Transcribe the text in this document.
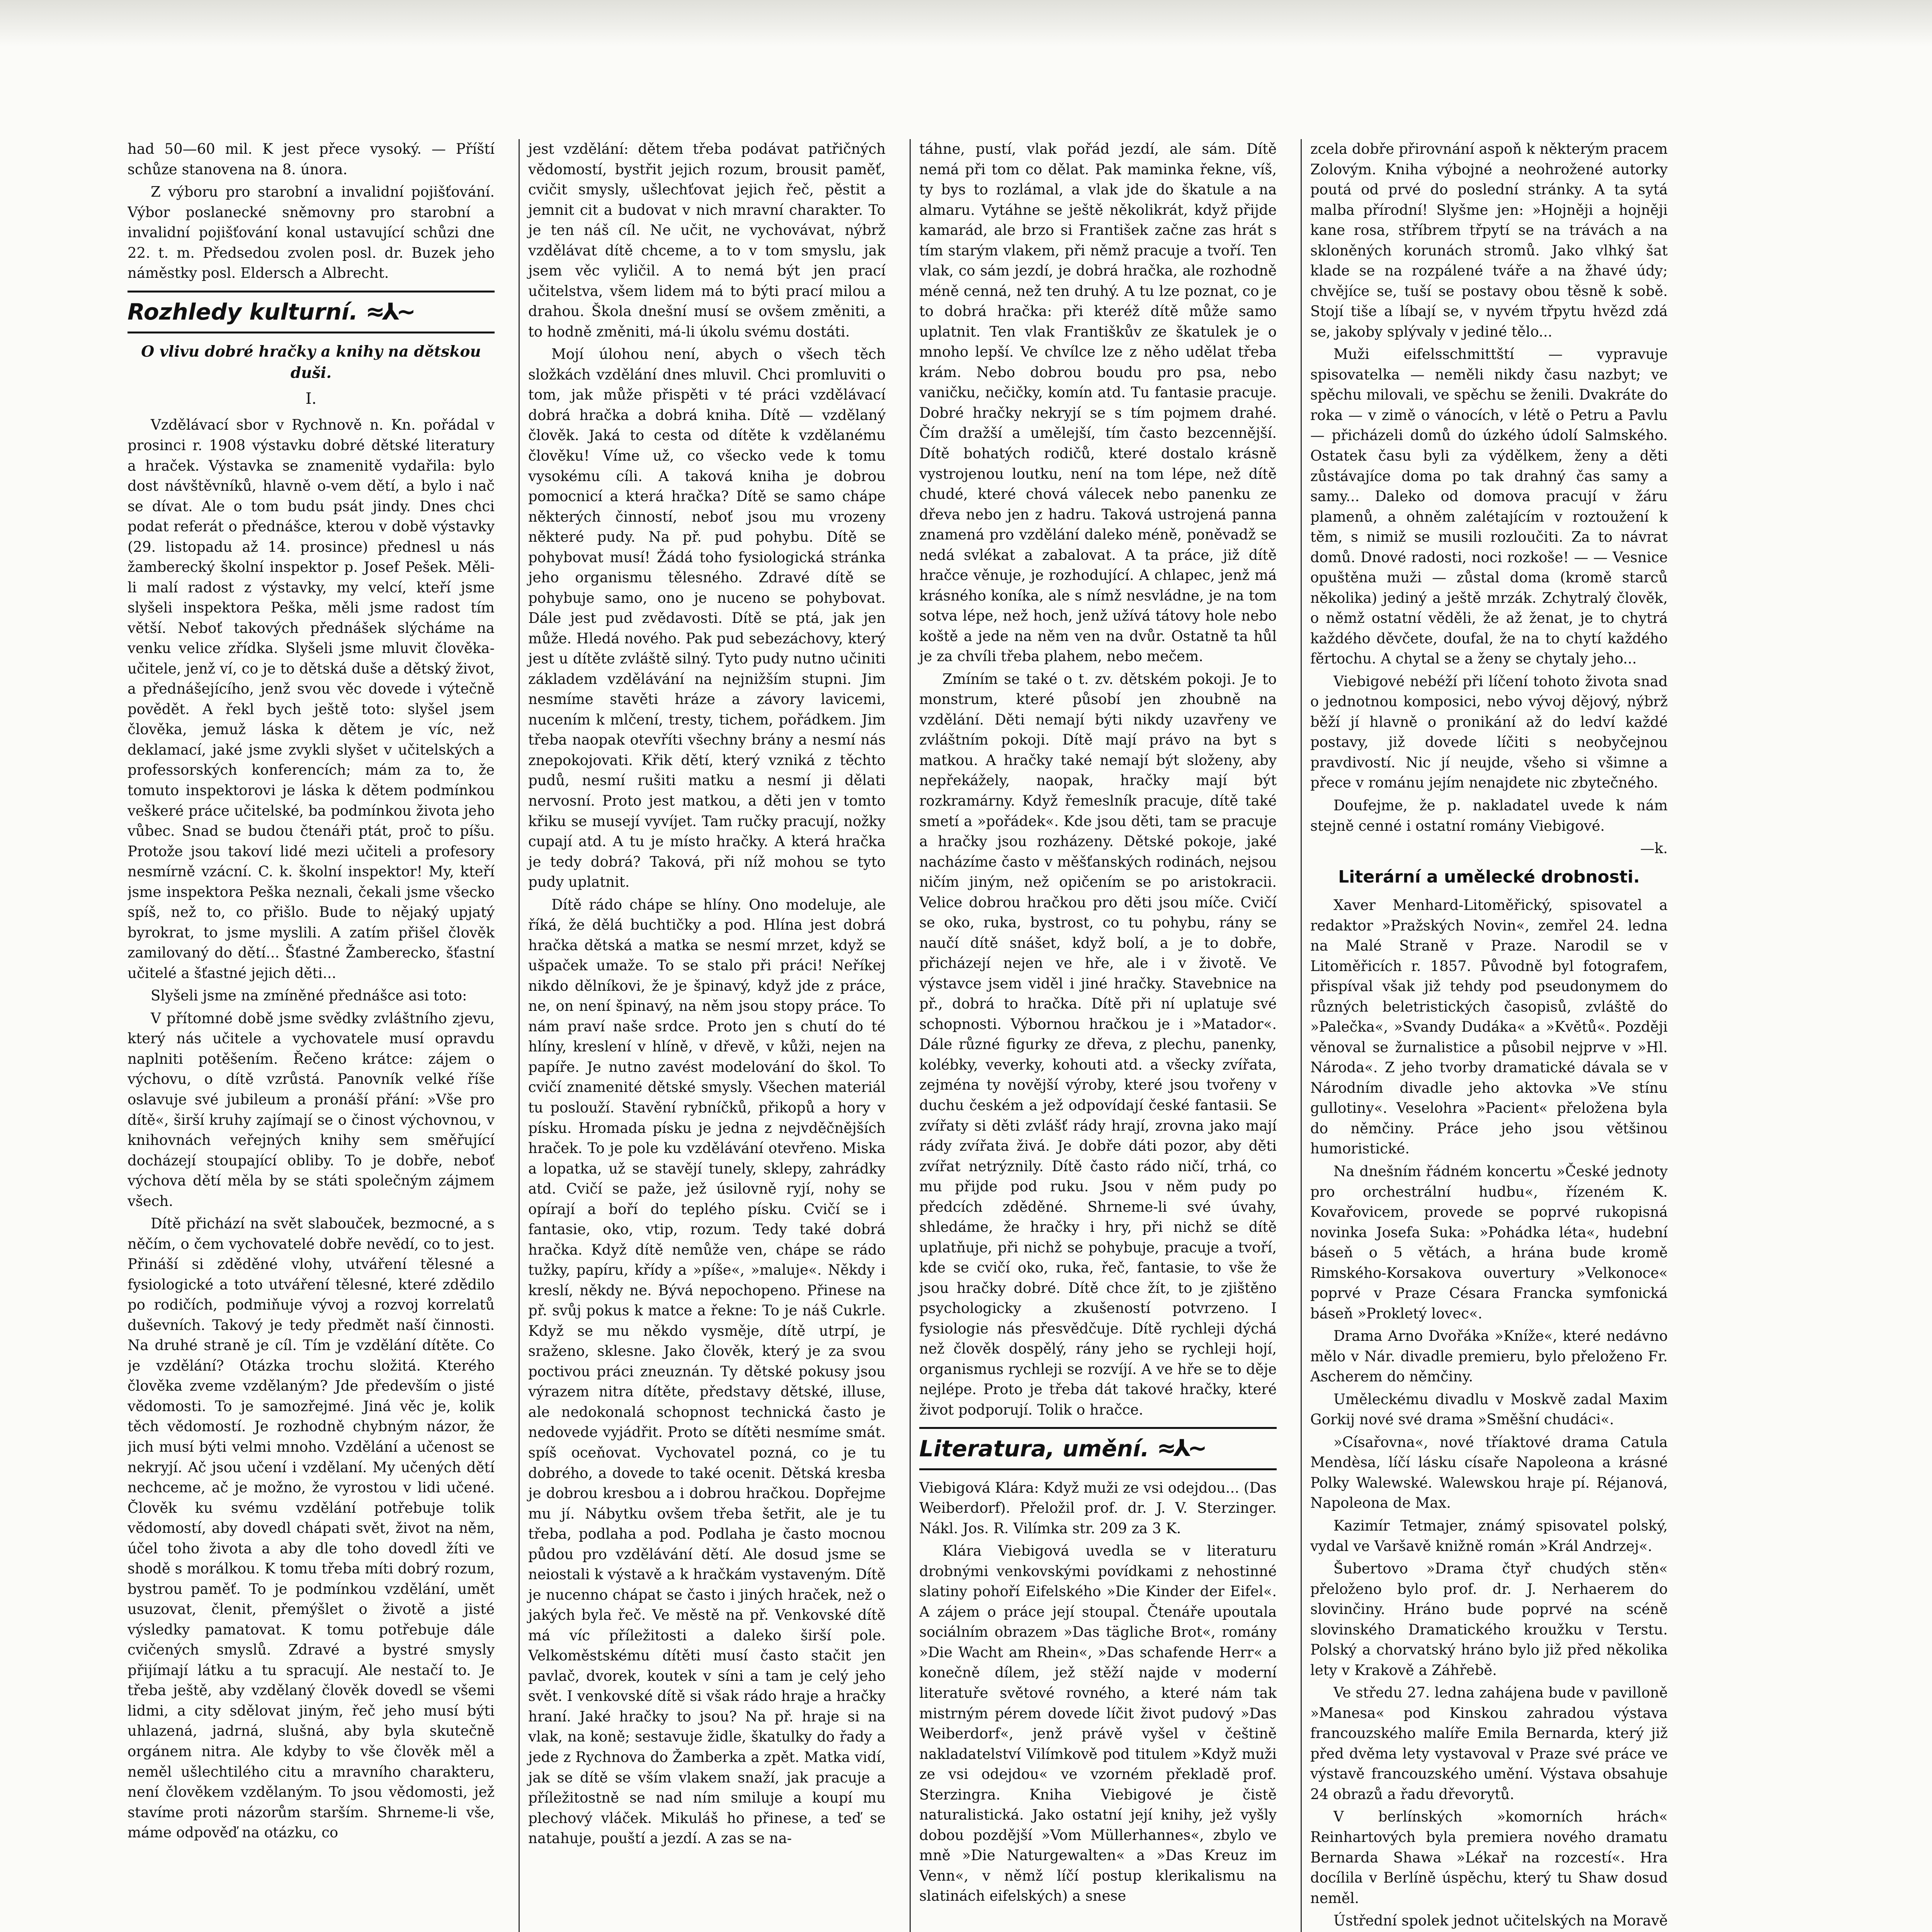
had 50—60 mil. K jest přece vysoký. — Příští schůze stanovena na 8. února.

Z výboru pro starobní a invalidní pojišťování. Výbor poslanecké sněmovny pro starobní a invalidní pojišťování konal ustavující schůzi dne 22. t. m. Předsedou zvolen posl. dr. Buzek jeho náměstky posl. Eldersch a Albrecht.

Rozhledy kulturní. ≈⅄~
O vlivu dobré hračky a knihy na dětskou duši.
I.

Vzdělávací sbor v Rychnově n. Kn. pořádal v prosinci r. 1908 výstavku dobré dětské literatury a hraček. Výstavka se znamenitě vydařila: bylo dost návštěvníků, hlavně o-vem dětí, a bylo i nač se dívat. Ale o tom budu psát jindy. Dnes chci podat referát o přednášce, kterou v době výstavky (29. listopadu až 14. prosince) přednesl u nás žamberecký školní inspektor p. Josef Pešek. Měli-li malí radost z výstavky, my velcí, kteří jsme slyšeli inspektora Peška, měli jsme radost tím větší. Neboť takových přednášek slýcháme na venku velice zřídka. Slyšeli jsme mluvit člověka-učitele, jenž ví, co je to dětská duše a dětský život, a přednášejícího, jenž svou věc dovede i výtečně povědět. A řekl bych ještě toto: slyšel jsem člověka, jemuž láska k dětem je víc, než deklamací, jaké jsme zvykli slyšet v učitelských a professorských konferencích; mám za to, že tomuto inspektorovi je láska k dětem podmínkou veškeré práce učitelské, ba podmínkou života jeho vůbec. Snad se budou čtenáři ptát, proč to píšu. Protože jsou takoví lidé mezi učiteli a profesory nesmírně vzácní. C. k. školní inspektor! My, kteří jsme inspektora Peška neznali, čekali jsme všecko spíš, než to, co přišlo. Bude to nějaký upjatý byrokrat, to jsme myslili. A zatím přišel člověk zamilovaný do dětí... Šťastné Žamberecko, šťastní učitelé a šťastné jejich děti...

Slyšeli jsme na zmíněné přednášce asi toto:

V přítomné době jsme svědky zvláštního zjevu, který nás učitele a vychovatele musí opravdu naplniti potěšením. Řečeno krátce: zájem o výchovu, o dítě vzrůstá. Panovník velké říše oslavuje své jubileum a pronáší přání: »Vše pro dítě«, širší kruhy zajímají se o činost výchovnou, v knihovnách veřejných knihy sem směřující docházejí stoupající obliby. To je dobře, neboť výchova dětí měla by se státi společným zájmem všech.

Dítě přichází na svět slabouček, bezmocné, a s něčím, o čem vychovatelé dobře nevědí, co to jest. Přináší si zděděné vlohy, utváření tělesné a fysiologické a toto utváření tělesné, které zdědilo po rodičích, podmiňuje vývoj a rozvoj korrelatů duševních. Takový je tedy předmět naší činnosti. Na druhé straně je cíl. Tím je vzdělání dítěte. Co je vzdělání? Otázka trochu složitá. Kterého člověka zveme vzdělaným? Jde především o jisté vědomosti. To je samozřejmé. Jiná věc je, kolik těch vědomostí. Je rozhodně chybným názor, že jich musí býti velmi mnoho. Vzdělání a učenost se nekryjí. Ač jsou učení i vzdělaní. My učených dětí nechceme, ač je možno, že vyrostou v lidi učené. Člověk ku svému vzdělání potřebuje tolik vědomostí, aby dovedl chápati svět, život na něm, účel toho života a aby dle toho dovedl žíti ve shodě s morálkou. K tomu třeba míti dobrý rozum, bystrou paměť. To je podmínkou vzdělání, umět usuzovat, členit, přemýšlet o životě a jisté výsledky pamatovat. K tomu potřebuje dále cvičených smyslů. Zdravé a bystré smysly přijímají látku a tu spracují. Ale nestačí to. Je třeba ještě, aby vzdělaný člověk dovedl se všemi lidmi, a city sdělovat jiným, řeč jeho musí býti uhlazená, jadrná, slušná, aby byla skutečně orgánem nitra. Ale kdyby to vše člověk měl a neměl ušlechtilého citu a mravního charakteru, není člověkem vzdělaným. To jsou vědomosti, jež stavíme proti názorům starším. Shrneme-li vše, máme odpověď na otázku, co

jest vzdělání: dětem třeba podávat patřičných vědomostí, bystřit jejich rozum, brousit paměť, cvičit smysly, ušlechťovat jejich řeč, pěstit a jemnit cit a budovat v nich mravní charakter. To je ten náš cíl. Ne učit, ne vychovávat, nýbrž vzdělávat dítě chceme, a to v tom smyslu, jak jsem věc vyličil. A to nemá být jen prací učitelstva, všem lidem má to býti prací milou a drahou. Škola dnešní musí se ovšem změniti, a to hodně změniti, má-li úkolu svému dostáti.

Mojí úlohou není, abych o všech těch složkách vzdělání dnes mluvil. Chci promluviti o tom, jak může přispěti v té práci vzdělávací dobrá hračka a dobrá kniha. Dítě — vzdělaný člověk. Jaká to cesta od dítěte k vzdělanému člověku! Víme už, co všecko vede k tomu vysokému cíli. A taková kniha je dobrou pomocnicí a která hračka? Dítě se samo chápe některých činností, neboť jsou mu vrozeny některé pudy. Na př. pud pohybu. Dítě se pohybovat musí! Žádá toho fysiologická stránka jeho organismu tělesného. Zdravé dítě se pohybuje samo, ono je nuceno se pohybovat. Dále jest pud zvědavosti. Dítě se ptá, jak jen může. Hledá nového. Pak pud sebezáchovy, který jest u dítěte zvláště silný. Tyto pudy nutno učiniti základem vzdělávání na nejnižším stupni. Jim nesmíme stavěti hráze a závory lavicemi, nucením k mlčení, tresty, tichem, pořádkem. Jim třeba naopak otevříti všechny brány a nesmí nás znepokojovati. Křik dětí, který vzniká z těchto pudů, nesmí rušiti matku a nesmí ji dělati nervosní. Proto jest matkou, a děti jen v tomto křiku se musejí vyvíjet. Tam ručky pracují, nožky cupají atd. A tu je místo hračky. A která hračka je tedy dobrá? Taková, při níž mohou se tyto pudy uplatnit.

Dítě rádo chápe se hlíny. Ono modeluje, ale říká, že dělá buchtičky a pod. Hlína jest dobrá hračka dětská a matka se nesmí mrzet, když se ušpaček umaže. To se stalo při práci! Neříkej nikdo dělníkovi, že je špinavý, když jde z práce, ne, on není špinavý, na něm jsou stopy práce. To nám praví naše srdce. Proto jen s chutí do té hlíny, kreslení v hlíně, v dřevě, v kůži, nejen na papíře. Je nutno zavést modelování do škol. To cvičí znamenité dětské smysly. Všechen materiál tu poslouží. Stavění rybníčků, přikopů a hory v písku. Hromada písku je jedna z nejvděčnějších hraček. To je pole ku vzdělávání otevřeno. Miska a lopatka, už se stavějí tunely, sklepy, zahrádky atd. Cvičí se paže, jež úsilovně ryjí, nohy se opírají a boří do teplého písku. Cvičí se i fantasie, oko, vtip, rozum. Tedy také dobrá hračka. Když dítě nemůže ven, chápe se rádo tužky, papíru, křídy a »píše«, »maluje«. Někdy i kreslí, někdy ne. Bývá nepochopeno. Přinese na př. svůj pokus k matce a řekne: To je náš Cukrle. Když se mu někdo vysměje, dítě utrpí, je sraženo, sklesne. Jako člověk, který je za svou poctivou práci zneuznán. Ty dětské pokusy jsou výrazem nitra dítěte, představy dětské, illuse, ale nedokonalá schopnost technická často je nedovede vyjádřit. Proto se dítěti nesmíme smát. spíš oceňovat. Vychovatel pozná, co je tu dobrého, a dovede to také ocenit. Dětská kresba je dobrou kresbou a i dobrou hračkou. Dopřejme mu jí. Nábytku ovšem třeba šetřit, ale je tu třeba, podlaha a pod. Podlaha je často mocnou půdou pro vzdělávání dětí. Ale dosud jsme se neiostali k výstavě a k hračkám vystaveným. Dítě je nucenno chápat se často i jiných hraček, než o jakých byla řeč. Ve městě na př. Venkovské dítě má víc příležitosti a daleko širší pole. Velkoměstskému dítěti musí často stačit jen pavlač, dvorek, koutek v síni a tam je celý jeho svět. I venkovské dítě si však rádo hraje a hračky hraní. Jaké hračky to jsou? Na př. hraje si na vlak, na koně; sestavuje židle, škatulky do řady a jede z Rychnova do Žamberka a zpět. Matka vidí, jak se dítě se vším vlakem snaží, jak pracuje a příležitostně se nad ním smiluje a koupí mu plechový vláček. Mikuláš ho přinese, a teď se natahuje, pouští a jezdí. A zas se na-

táhne, pustí, vlak pořád jezdí, ale sám. Dítě nemá při tom co dělat. Pak maminka řekne, víš, ty bys to rozlámal, a vlak jde do škatule a na almaru. Vytáhne se ještě několikrát, když přijde kamarád, ale brzo si František začne zas hrát s tím starým vlakem, při němž pracuje a tvoří. Ten vlak, co sám jezdí, je dobrá hračka, ale rozhodně méně cenná, než ten druhý. A tu lze poznat, co je to dobrá hračka: při kteréž dítě může samo uplatnit. Ten vlak Františkův ze škatulek je o mnoho lepší. Ve chvílce lze z něho udělat třeba krám. Nebo dobrou boudu pro psa, nebo vaničku, nečičky, komín atd. Tu fantasie pracuje. Dobré hračky nekryjí se s tím pojmem drahé. Čím dražší a umělejší, tím často bezcennější. Dítě bohatých rodičů, které dostalo krásně vystrojenou loutku, není na tom lépe, než dítě chudé, které chová válecek nebo panenku ze dřeva nebo jen z hadru. Taková ustrojená panna znamená pro vzdělání daleko méně, poněvadž se nedá svlékat a zabalovat. A ta práce, již dítě hračce věnuje, je rozhodující. A chlapec, jenž má krásného koníka, ale s nímž nesvládne, je na tom sotva lépe, než hoch, jenž užívá tátovy hole nebo koště a jede na něm ven na dvůr. Ostatně ta hůl je za chvíli třeba plahem, nebo mečem.

Zmíním se také o t. zv. dětském pokoji. Je to monstrum, které působí jen zhoubně na vzdělání. Děti nemají býti nikdy uzavřeny ve zvláštním pokoji. Dítě mají právo na byt s matkou. A hračky také nemají být složeny, aby nepřekážely, naopak, hračky mají být rozkramárny. Když řemeslník pracuje, dítě také smetí a »pořádek«. Kde jsou děti, tam se pracuje a hračky jsou rozházeny. Dětské pokoje, jaké nacházíme často v měšťanských rodinách, nejsou ničím jiným, než opičením se po aristokracii. Velice dobrou hračkou pro děti jsou míče. Cvičí se oko, ruka, bystrost, co tu pohybu, rány se naučí dítě snášet, když bolí, a je to dobře, přicházejí nejen ve hře, ale i v životě. Ve výstavce jsem viděl i jiné hračky. Stavebnice na př., dobrá to hračka. Dítě při ní uplatuje své schopnosti. Výbornou hračkou je i »Matador«. Dále různé figurky ze dřeva, z plechu, panenky, kolébky, veverky, kohouti atd. a všecky zvířata, zejména ty novější výroby, které jsou tvořeny v duchu českém a jež odpovídají české fantasii. Se zvířaty si děti zvlášť rády hrají, zrovna jako mají rády zvířata živá. Je dobře dáti pozor, aby děti zvířat netrýznily. Dítě často rádo ničí, trhá, co mu přijde pod ruku. Jsou v něm pudy po předcích zděděné. Shrneme-li své úvahy, shledáme, že hračky i hry, při nichž se dítě uplatňuje, při nichž se pohybuje, pracuje a tvoří, kde se cvičí oko, ruka, řeč, fantasie, to vše že jsou hračky dobré. Dítě chce žít, to je zjištěno psychologicky a zkušeností potvrzeno. I fysiologie nás přesvědčuje. Dítě rychleji dýchá než člověk dospělý, rány jeho se rychleji hojí, organismus rychleji se rozvíjí. A ve hře se to děje nejlépe. Proto je třeba dát takové hračky, které život podporují. Tolik o hračce.

Literatura, umění. ≈⅄~

Viebigová Klára: Když muži ze vsi odejdou... (Das Weiberdorf). Přeložil prof. dr. J. V. Sterzinger. Nákl. Jos. R. Vilímka str. 209 za 3 K.

Klára Viebigová uvedla se v literaturu drobnými venkovskými povídkami z nehostinné slatiny pohoří Eifelského »Die Kinder der Eifel«. A zájem o práce její stoupal. Čtenáře upoutala sociálním obrazem »Das tägliche Brot«, romány »Die Wacht am Rhein«, »Das schafende Herr« a konečně dílem, jež stěží najde v moderní literatuře světové rovného, a které nám tak mistrným pérem dovede líčit život pudový »Das Weiberdorf«, jenž právě vyšel v češtině nakladatelství Vilímkově pod titulem »Když muži ze vsi odejdou« ve vzorném překladě prof. Sterzingra. Kniha Viebigové je čistě naturalistická. Jako ostatní její knihy, jež vyšly dobou pozdější »Vom Müllerhannes«, zbylo ve mně »Die Naturgewalten« a »Das Kreuz im Venn«, v němž líčí postup klerikalismu na slatinách eifelských) a snese

zcela dobře přirovnání aspoň k některým pracem Zolovým. Kniha výbojné a neohrožené autorky poutá od prvé do poslední stránky. A ta sytá malba přírodní! Slyšme jen: »Hojněji a hojněji kane rosa, stříbrem třpytí se na trávách a na skloněných korunách stromů. Jako vlhký šat klade se na rozpálené tváře a na žhavé údy; chvějíce se, tuší se postavy obou těsně k sobě. Stojí tiše a líbají se, v nyvém třpytu hvězd zdá se, jakoby splývaly v jediné tělo...

Muži eifelsschmittští — vypravuje spisovatelka — neměli nikdy času nazbyt; ve spěchu milovali, ve spěchu se ženili. Dvakráte do roka — v zimě o vánocích, v létě o Petru a Pavlu — přicházeli domů do úzkého údolí Salmského. Ostatek času byli za výdělkem, ženy a děti zůstávajíce doma po tak drahný čas samy a samy... Daleko od domova pracují v žáru plamenů, a ohněm zalétajícím v roztoužení k těm, s nimiž se musili rozloučiti. Za to návrat domů. Dnové radosti, noci rozkoše! — — Vesnice opuštěna muži — zůstal doma (kromě starců několika) jediný a ještě mrzák. Zchytralý člověk, o němž ostatní věděli, že až ženat, je to chytrá každého děvčete, doufal, že na to chytí každého fěrtochu. A chytal se a ženy se chytaly jeho...

Viebigové nebéží při líčení tohoto života snad o jednotnou komposici, nebo vývoj dějový, nýbrž běží jí hlavně o pronikání až do ledví každé postavy, již dovede líčiti s neobyčejnou pravdivostí. Nic jí neujde, všeho si všimne a přece v románu jejím nenajdete nic zbytečného.

Doufejme, že p. nakladatel uvede k nám stejně cenné i ostatní romány Viebigové.

—k.

Literární a umělecké drobnosti.

Xaver Menhard-Litoměřický, spisovatel a redaktor »Pražských Novin«, zemřel 24. ledna na Malé Straně v Praze. Narodil se v Litoměřicích r. 1857. Původně byl fotografem, přispíval však již tehdy pod pseudonymem do různých beletristických časopisů, zvláště do »Palečka«, »Svandy Dudáka« a »Květů«. Později věnoval se žurnalistice a působil nejprve v »Hl. Národa«. Z jeho tvorby dramatické dávala se v Národním divadle jeho aktovka »Ve stínu gullotiny«. Veselohra »Pacient« přeložena byla do němčiny. Práce jeho jsou většinou humoristické.

Na dnešním řádném koncertu »České jednoty pro orchestrální hudbu«, řízeném K. Kovařovicem, provede se poprvé rukopisná novinka Josefa Suka: »Pohádka léta«, hudební báseň o 5 větách, a hrána bude kromě Rimského-Korsakova ouvertury »Velkonoce« poprvé v Praze Césara Francka symfonická báseň »Prokletý lovec«.

Drama Arno Dvořáka »Kníže«, které nedávno mělo v Nár. divadle premieru, bylo přeloženo Fr. Ascherem do němčiny.

Uměleckému divadlu v Moskvě zadal Maxim Gorkij nové své drama »Směšní chudáci«.

»Císařovna«, nové tříaktové drama Catula Mendèsa, líčí lásku císaře Napoleona a krásné Polky Walewské. Walewskou hraje pí. Réjanová, Napoleona de Max.

Kazimír Tetmajer, známý spisovatel polský, vydal ve Varšavě knižně román »Král Andrzej«.

Šubertovo »Drama čtyř chudých stěn« přeloženo bylo prof. dr. J. Nerhaerem do slovinčiny. Hráno bude poprvé na scéně slovinského Dramatického kroužku v Terstu. Polský a chorvatský hráno bylo již před několika lety v Krakově a Záhřebě.

Ve středu 27. ledna zahájena bude v pavilloně »Manesa« pod Kinskou zahradou výstava francouzského malíře Emila Bernarda, který již před dvěma lety vystavoval v Praze své práce ve výstavě francouzského umění. Výstava obsahuje 24 obrazů a řadu dřevorytů.

V berlínských »komorních hrách« Reinhartových byla premiera nového dramatu Bernarda Shawa »Lékař na rozcestí«. Hra docílila v Berlíně úspěchu, který tu Shaw dosud neměl.

Ústřední spolek jednot učitelských na Moravě
